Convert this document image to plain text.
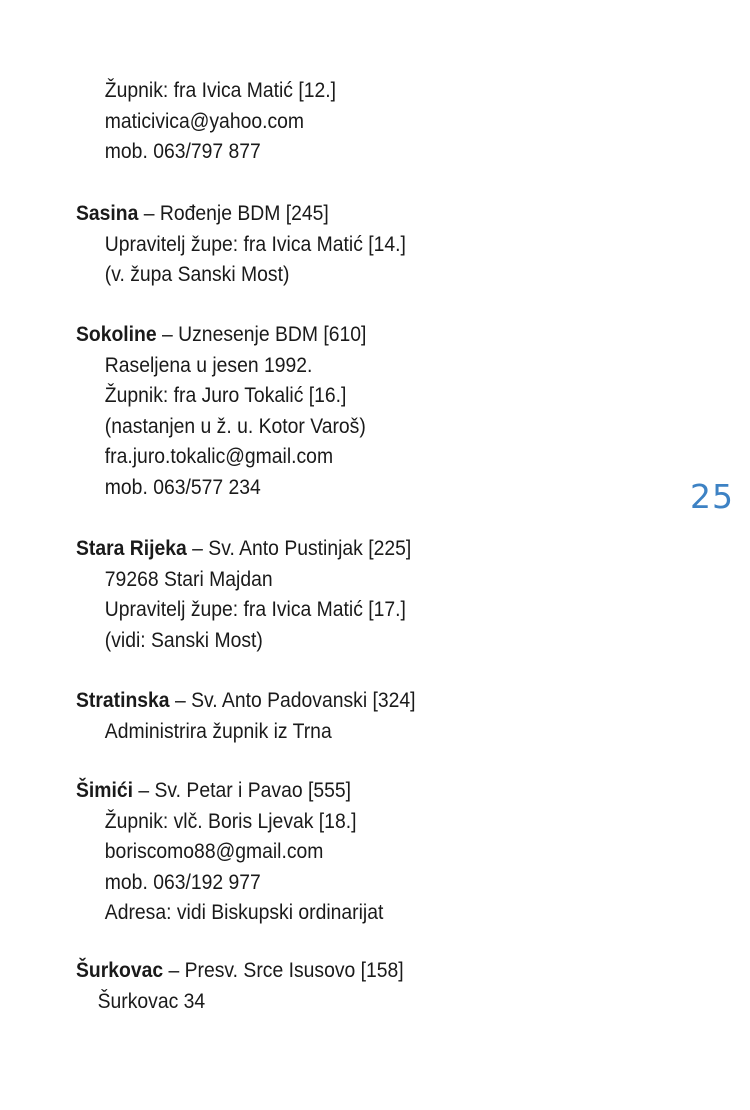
Župnik: fra Ivica Matić [12.]
maticivica@yahoo.com
mob. 063/797 877
Sasina – Rođenje BDM [245]
Upravitelj župe: fra Ivica Matić [14.]
(v. župa Sanski Most)
Sokoline – Uznesenje BDM [610]
Raseljena u jesen 1992.
Župnik: fra Juro Tokalić [16.]
(nastanjen u ž. u. Kotor Varoš)
fra.juro.tokalic@gmail.com
mob. 063/577 234
Stara Rijeka – Sv. Anto Pustinjak [225]
79268 Stari Majdan
Upravitelj župe: fra Ivica Matić [17.]
(vidi: Sanski Most)
Stratinska – Sv. Anto Padovanski [324]
Administrira župnik iz Trna
Šimići – Sv. Petar i Pavao [555]
Župnik: vlč. Boris Ljevak [18.]
boriscomo88@gmail.com
mob. 063/192 977
Adresa: vidi Biskupski ordinarijat
Šurkovac – Presv. Srce Isusovo [158]
Šurkovac 34
25
